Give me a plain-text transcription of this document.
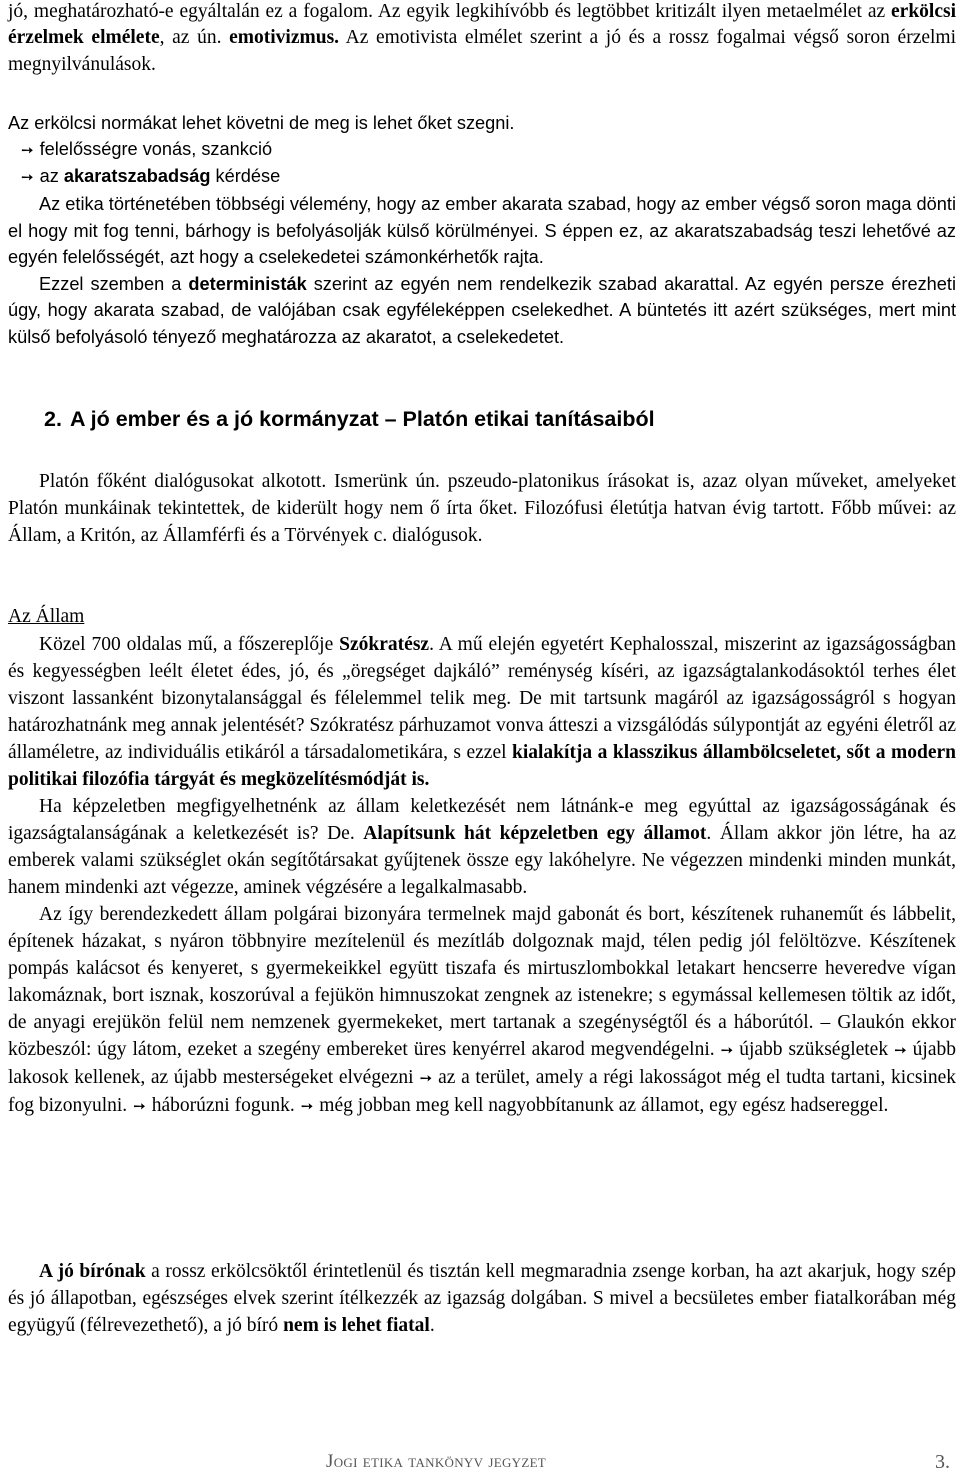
jó, meghatározható-e egyáltalán ez a fogalom. Az egyik legkihívóbb és legtöbbet kritizált ilyen metaelmélet az erkölcsi érzelmek elmélete, az ún. emotivizmus. Az emotivista elmélet szerint a jó és a rossz fogalmai végső soron érzelmi megnyilvánulások.

Az erkölcsi normákat lehet követni de meg is lehet őket szegni.

➙ felelősségre vonás, szankció

➙ az akaratszabadság kérdése

Az etika történetében többségi vélemény, hogy az ember akarata szabad, hogy az ember végső soron maga dönti el hogy mit fog tenni, bárhogy is befolyásolják külső körülményei. S éppen ez, az akaratszabadság teszi lehetővé az egyén felelősségét, azt hogy a cselekedetei számonkérhetők rajta.

Ezzel szemben a deterministák szerint az egyén nem rendelkezik szabad akarattal. Az egyén persze érezheti úgy, hogy akarata szabad, de valójában csak egyféleképpen cselekedhet. A büntetés itt azért szükséges, mert mint külső befolyásoló tényező meghatározza az akaratot, a cselekedetet.

2. A jó ember és a jó kormányzat – Platón etikai tanításaiból

Platón főként dialógusokat alkotott. Ismerünk ún. pszeudo-platonikus írásokat is, azaz olyan műveket, amelyeket Platón munkáinak tekintettek, de kiderült hogy nem ő írta őket. Filozófusi életútja hatvan évig tartott. Főbb művei: az Állam, a Kritón, az Államférfi és a Törvények c. dialógusok.

Az Állam

Közel 700 oldalas mű, a főszereplője Szókratész. A mű elején egyetért Kephalosszal, miszerint az igazságosságban és kegyességben leélt életet édes, jó, és „öregséget dajkáló” reménység kíséri, az igazságtalankodásoktól terhes élet viszont lassanként bizonytalansággal és félelemmel telik meg. De mit tartsunk magáról az igazságosságról s hogyan határozhatnánk meg annak jelentését? Szókratész párhuzamot vonva átteszi a vizsgálódás súlypontját az egyéni életről az államéletre, az individuális etikáról a társadalometikára, s ezzel kialakítja a klasszikus állambölcseletet, sőt a modern politikai filozófia tárgyát és megközelítésmódját is.

Ha képzeletben megfigyelhetnénk az állam keletkezését nem látnánk-e meg egyúttal az igazságosságának és igazságtalanságának a keletkezését is? De. Alapítsunk hát képzeletben egy államot. Állam akkor jön létre, ha az emberek valami szükséglet okán segítőtársakat gyűjtenek össze egy lakóhelyre. Ne végezzen mindenki minden munkát, hanem mindenki azt végezze, aminek végzésére a legalkalmasabb.

Az így berendezkedett állam polgárai bizonyára termelnek majd gabonát és bort, készítenek ruhaneműt és lábbelit, építenek házakat, s nyáron többnyire mezítelenül és mezítláb dolgoznak majd, télen pedig jól felöltözve. Készítenek pompás kalácsot és kenyeret, s gyermekeikkel együtt tiszafa és mirtuszlombokkal letakart hencserre heveredve vígan lakomáznak, bort isznak, koszorúval a fejükön himnuszokat zengnek az istenekre; s egymással kellemesen töltik az időt, de anyagi erejükön felül nem nemzenek gyermekeket, mert tartanak a szegénységtől és a háborútól. – Glaukón ekkor közbeszól: úgy látom, ezeket a szegény embereket üres kenyérrel akarod megvendégelni. ➙ újabb szükségletek ➙ újabb lakosok kellenek, az újabb mesterségeket elvégezni ➙ az a terület, amely a régi lakosságot még el tudta tartani, kicsinek fog bizonyulni. ➙ háborúzni fogunk. ➙ még jobban meg kell nagyobbítanunk az államot, egy egész hadsereggel.

A jó bírónak a rossz erkölcsöktől érintetlenül és tisztán kell megmaradnia zsenge korban, ha azt akarjuk, hogy szép és jó állapotban, egészséges elvek szerint ítélkezzék az igazság dolgában. S mivel a becsületes ember fiatalkorában még együgyű (félrevezethető), a jó bíró nem is lehet fiatal.

Jogi etika tankönyv jegyzet	3.
